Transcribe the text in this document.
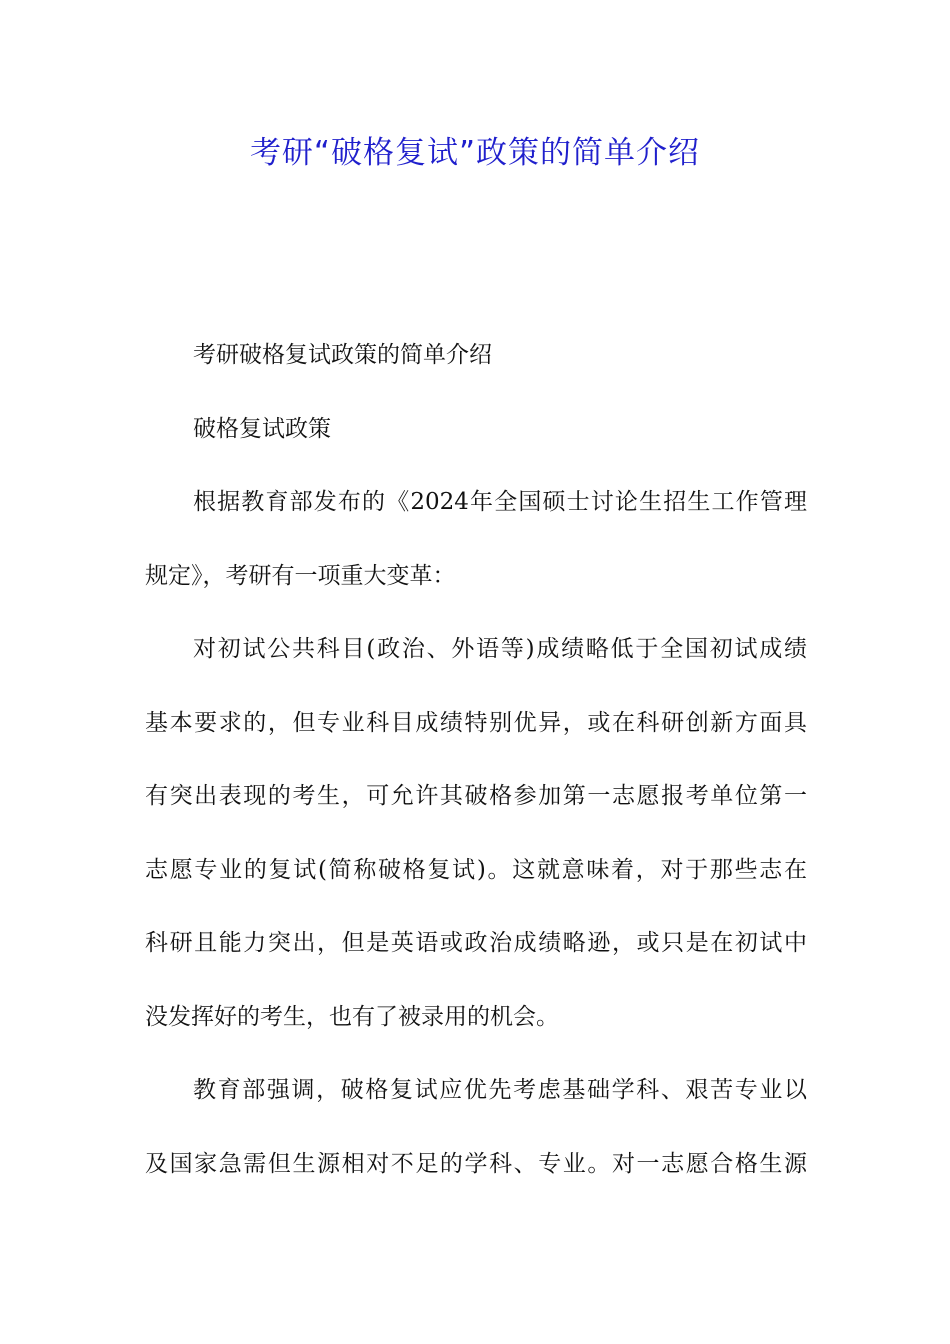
考研“破格复试”政策的简单介绍
考研破格复试政策的简单介绍
破格复试政策
根据教育部发布的《2024年全国硕士讨论生招生工作管理
规定》，考研有一项重大变革：
对初试公共科目(政治、外语等)成绩略低于全国初试成绩
基本要求的，但专业科目成绩特别优异，或在科研创新方面具
有突出表现的考生，可允许其破格参加第一志愿报考单位第一
志愿专业的复试(简称破格复试)。这就意味着，对于那些志在
科研且能力突出，但是英语或政治成绩略逊，或只是在初试中
没发挥好的考生，也有了被录用的机会。
教育部强调，破格复试应优先考虑基础学科、艰苦专业以
及国家急需但生源相对不足的学科、专业。对一志愿合格生源
